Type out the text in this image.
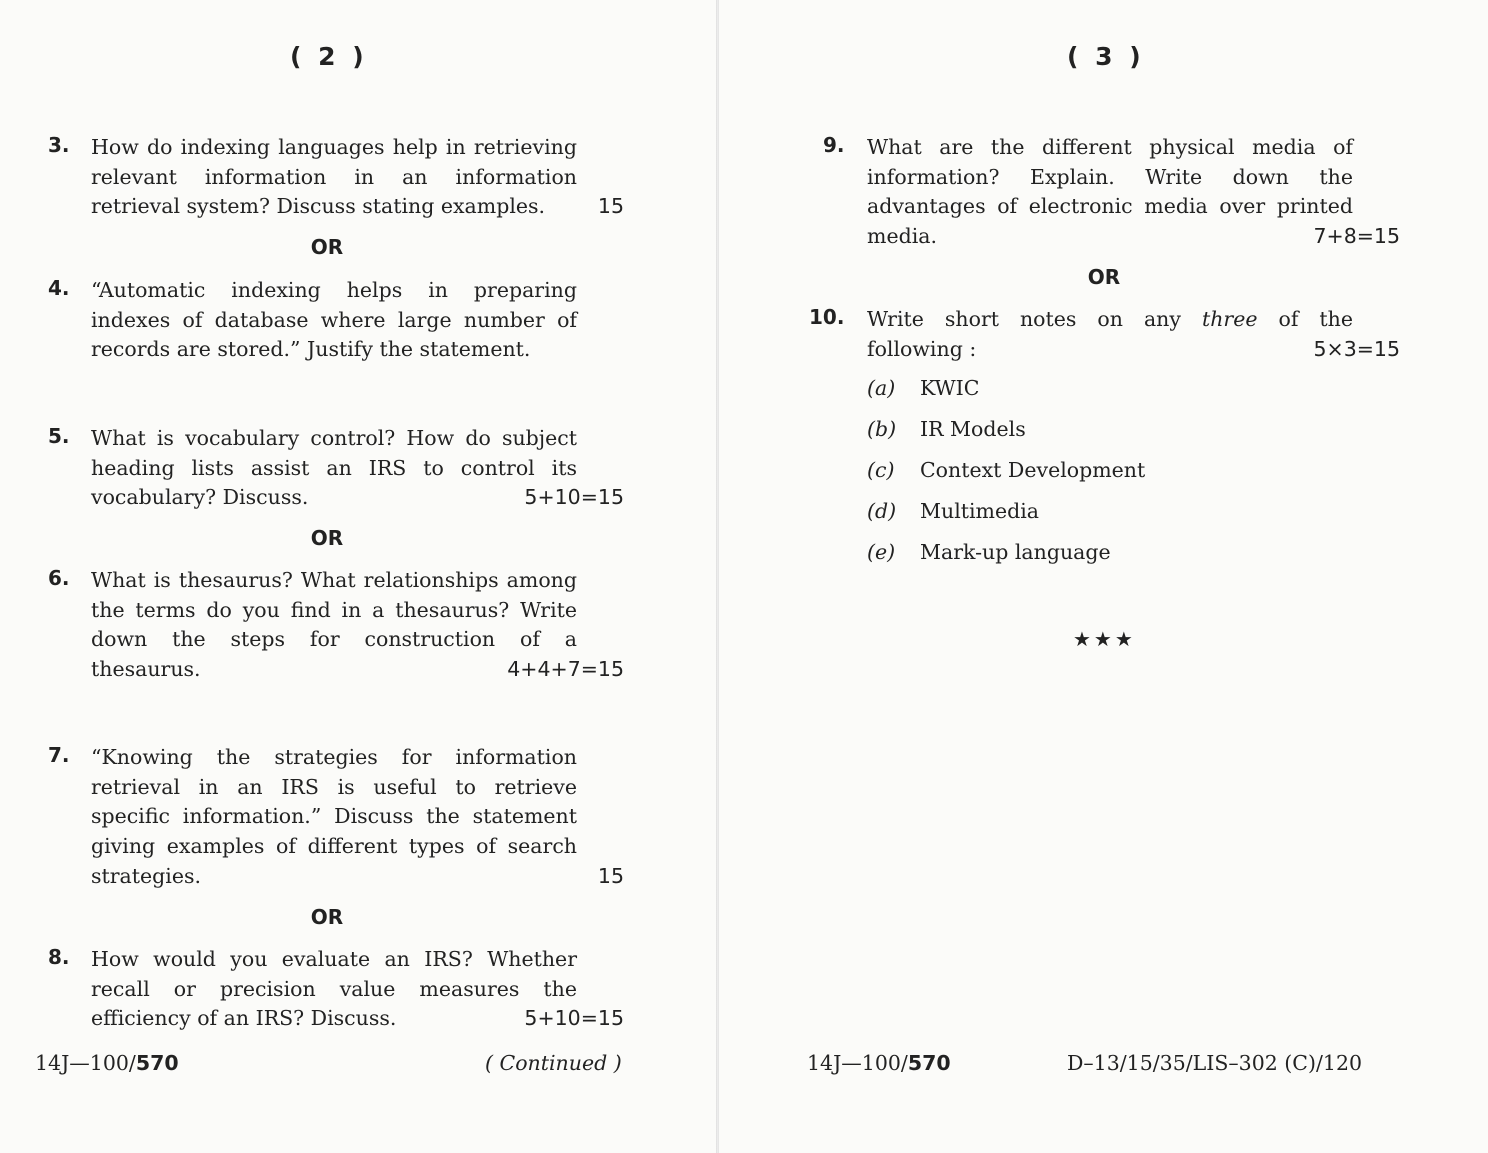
( 2 )
3. How do indexing languages help in retrieving relevant information in an information retrieval system? Discuss stating examples.	15
OR
4. “Automatic indexing helps in preparing indexes of database where large number of records are stored.” Justify the statement.
5. What is vocabulary control? How do subject heading lists assist an IRS to control its vocabulary? Discuss.	5+10=15
OR
6. What is thesaurus? What relationships among the terms do you find in a thesaurus? Write down the steps for construction of a thesaurus.	4+4+7=15
7. “Knowing the strategies for information retrieval in an IRS is useful to retrieve specific information.” Discuss the statement giving examples of different types of search strategies.	15
OR
8. How would you evaluate an IRS? Whether recall or precision value measures the efficiency of an IRS? Discuss.	5+10=15
14J—100/570	( Continued )
( 3 )
9. What are the different physical media of information? Explain. Write down the advantages of electronic media over printed media.	7+8=15
OR
10. Write short notes on any three of the following :	5×3=15
(a) KWIC
(b) IR Models
(c) Context Development
(d) Multimedia
(e) Mark-up language
★★★
14J—100/570	D–13/15/35/LIS–302 (C)/120
